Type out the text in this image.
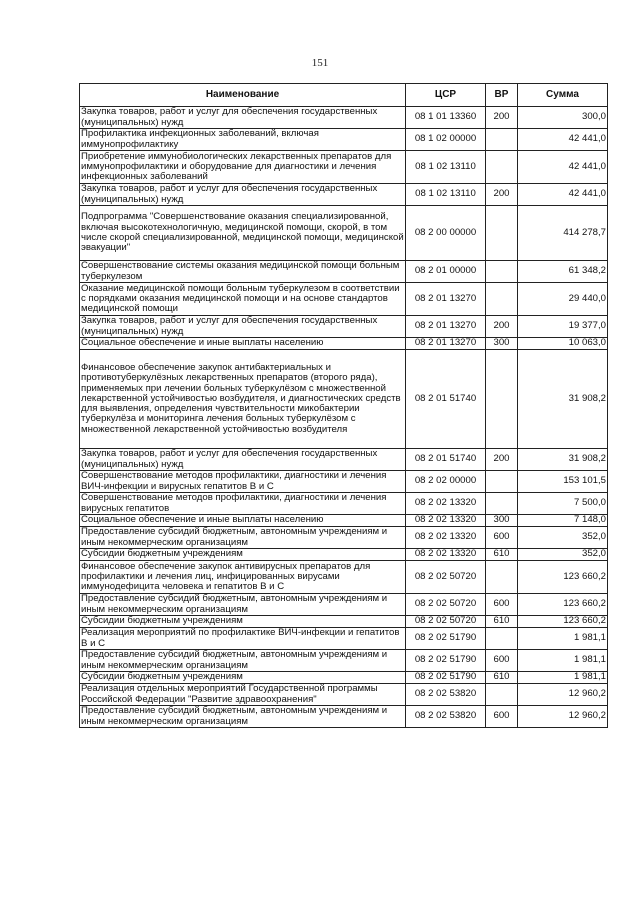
151
Наименование	ЦСР	ВР	Сумма
Закупка товаров, работ и услуг для обеспечения государственных (муниципальных) нужд	08 1 01 13360	200	300,0
Профилактика инфекционных заболеваний, включая иммунопрофилактику	08 1 02 00000		42 441,0
Приобретение иммунобиологических лекарственных препаратов для иммунопрофилактики и оборудование для диагностики и лечения инфекционных заболеваний	08 1 02 13110		42 441,0
Закупка товаров, работ и услуг для обеспечения государственных (муниципальных) нужд	08 1 02 13110	200	42 441,0
Подпрограмма "Совершенствование оказания специализированной, включая высокотехнологичную, медицинской помощи, скорой, в том числе скорой специализированной, медицинской помощи, медицинской эвакуации"	08 2 00 00000		414 278,7
Совершенствование системы оказания медицинской помощи больным туберкулезом	08 2 01 00000		61 348,2
Оказание медицинской помощи больным туберкулезом в соответствии с порядками оказания медицинской помощи и на основе стандартов медицинской помощи	08 2 01 13270		29 440,0
Закупка товаров, работ и услуг для обеспечения государственных (муниципальных) нужд	08 2 01 13270	200	19 377,0
Социальное обеспечение и иные выплаты населению	08 2 01 13270	300	10 063,0
Финансовое обеспечение закупок антибактериальных и противотуберкулёзных лекарственных препаратов (второго ряда), применяемых при лечении больных туберкулёзом с множественной лекарственной устойчивостью возбудителя, и диагностических средств для выявления, определения чувствительности микобактерии туберкулёза и мониторинга лечения больных туберкулёзом с множественной лекарственной устойчивостью возбудителя	08 2 01 51740		31 908,2
Закупка товаров, работ и услуг для обеспечения государственных (муниципальных) нужд	08 2 01 51740	200	31 908,2
Совершенствование методов профилактики, диагностики и лечения ВИЧ-инфекции и вирусных гепатитов В и С	08 2 02 00000		153 101,5
Совершенствование методов профилактики, диагностики и лечения вирусных гепатитов	08 2 02 13320		7 500,0
Социальное обеспечение и иные выплаты населению	08 2 02 13320	300	7 148,0
Предоставление субсидий бюджетным, автономным учреждениям и иным некоммерческим организациям	08 2 02 13320	600	352,0
Субсидии бюджетным учреждениям	08 2 02 13320	610	352,0
Финансовое обеспечение закупок антивирусных препаратов для профилактики и лечения лиц, инфицированных вирусами иммунодефицита человека и гепатитов В и С	08 2 02 50720		123 660,2
Предоставление субсидий бюджетным, автономным учреждениям и иным некоммерческим организациям	08 2 02 50720	600	123 660,2
Субсидии бюджетным учреждениям	08 2 02 50720	610	123 660,2
Реализация мероприятий по профилактике ВИЧ-инфекции и гепатитов В и С	08 2 02 51790		1 981,1
Предоставление субсидий бюджетным, автономным учреждениям и иным некоммерческим организациям	08 2 02 51790	600	1 981,1
Субсидии бюджетным учреждениям	08 2 02 51790	610	1 981,1
Реализация отдельных мероприятий Государственной программы Российской Федерации "Развитие здравоохранения"	08 2 02 53820		12 960,2
Предоставление субсидий бюджетным, автономным учреждениям и иным некоммерческим организациям	08 2 02 53820	600	12 960,2
